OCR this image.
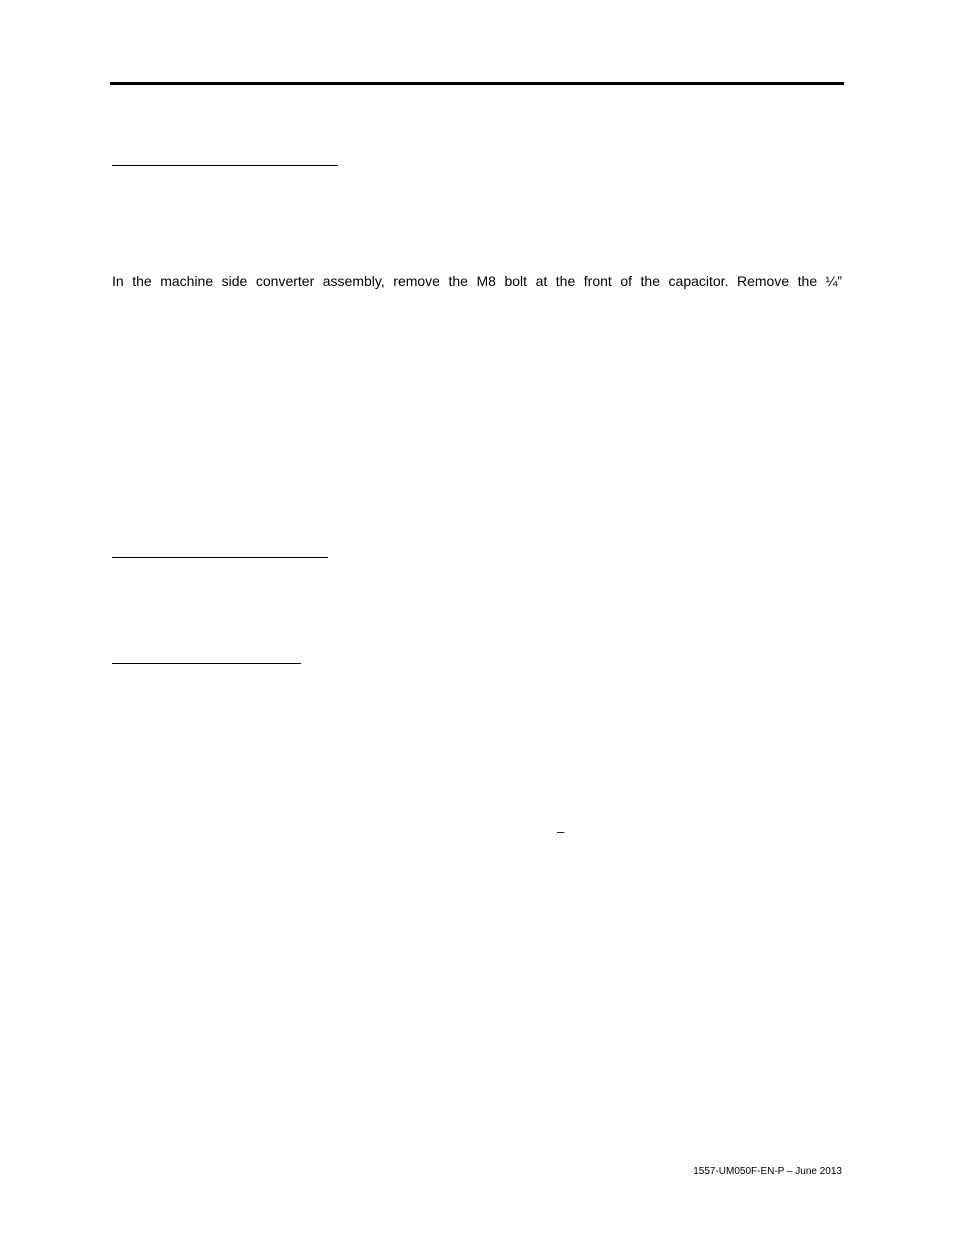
In the machine side converter assembly, remove the M8 bolt at the front of the capacitor. Remove the ¼”
–
1557-UM050F-EN-P – June 2013
